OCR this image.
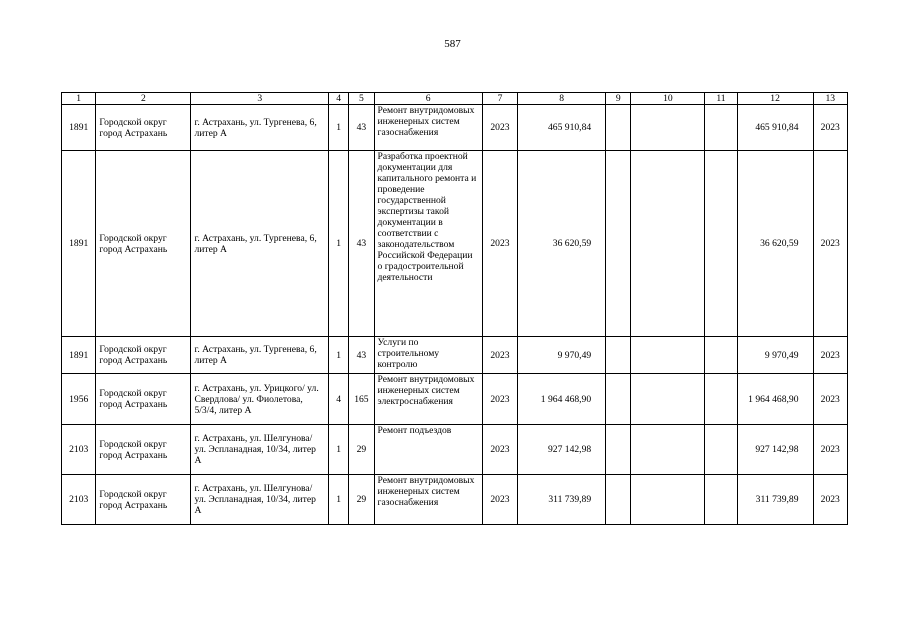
587
1	2	3	4	5	6	7	8	9	10	11	12	13
1891	Городской округ город Астрахань	г. Астрахань, ул. Тургенева, 6, литер А	1	43	Ремонт внутридомовых инженерных систем газоснабжения	2023	465 910,84				465 910,84	2023
1891	Городской округ город Астрахань	г. Астрахань, ул. Тургенева, 6, литер А	1	43	Разработка проектной документации для капитального ремонта и проведение государственной экспертизы такой документации в соответствии с законодательством Российской Федерации о градостроительной деятельности	2023	36 620,59				36 620,59	2023
1891	Городской округ город Астрахань	г. Астрахань, ул. Тургенева, 6, литер А	1	43	Услуги по строительному контролю	2023	9 970,49				9 970,49	2023
1956	Городской округ город Астрахань	г. Астрахань, ул. Урицкого/ ул. Свердлова/ ул. Фиолетова, 5/3/4, литер А	4	165	Ремонт внутридомовых инженерных систем электроснабжения	2023	1 964 468,90				1 964 468,90	2023
2103	Городской округ город Астрахань	г. Астрахань, ул. Шелгунова/ ул. Эспланадная, 10/34, литер А	1	29	Ремонт подъездов	2023	927 142,98				927 142,98	2023
2103	Городской округ город Астрахань	г. Астрахань, ул. Шелгунова/ ул. Эспланадная, 10/34, литер А	1	29	Ремонт внутридомовых инженерных систем газоснабжения	2023	311 739,89				311 739,89	2023
